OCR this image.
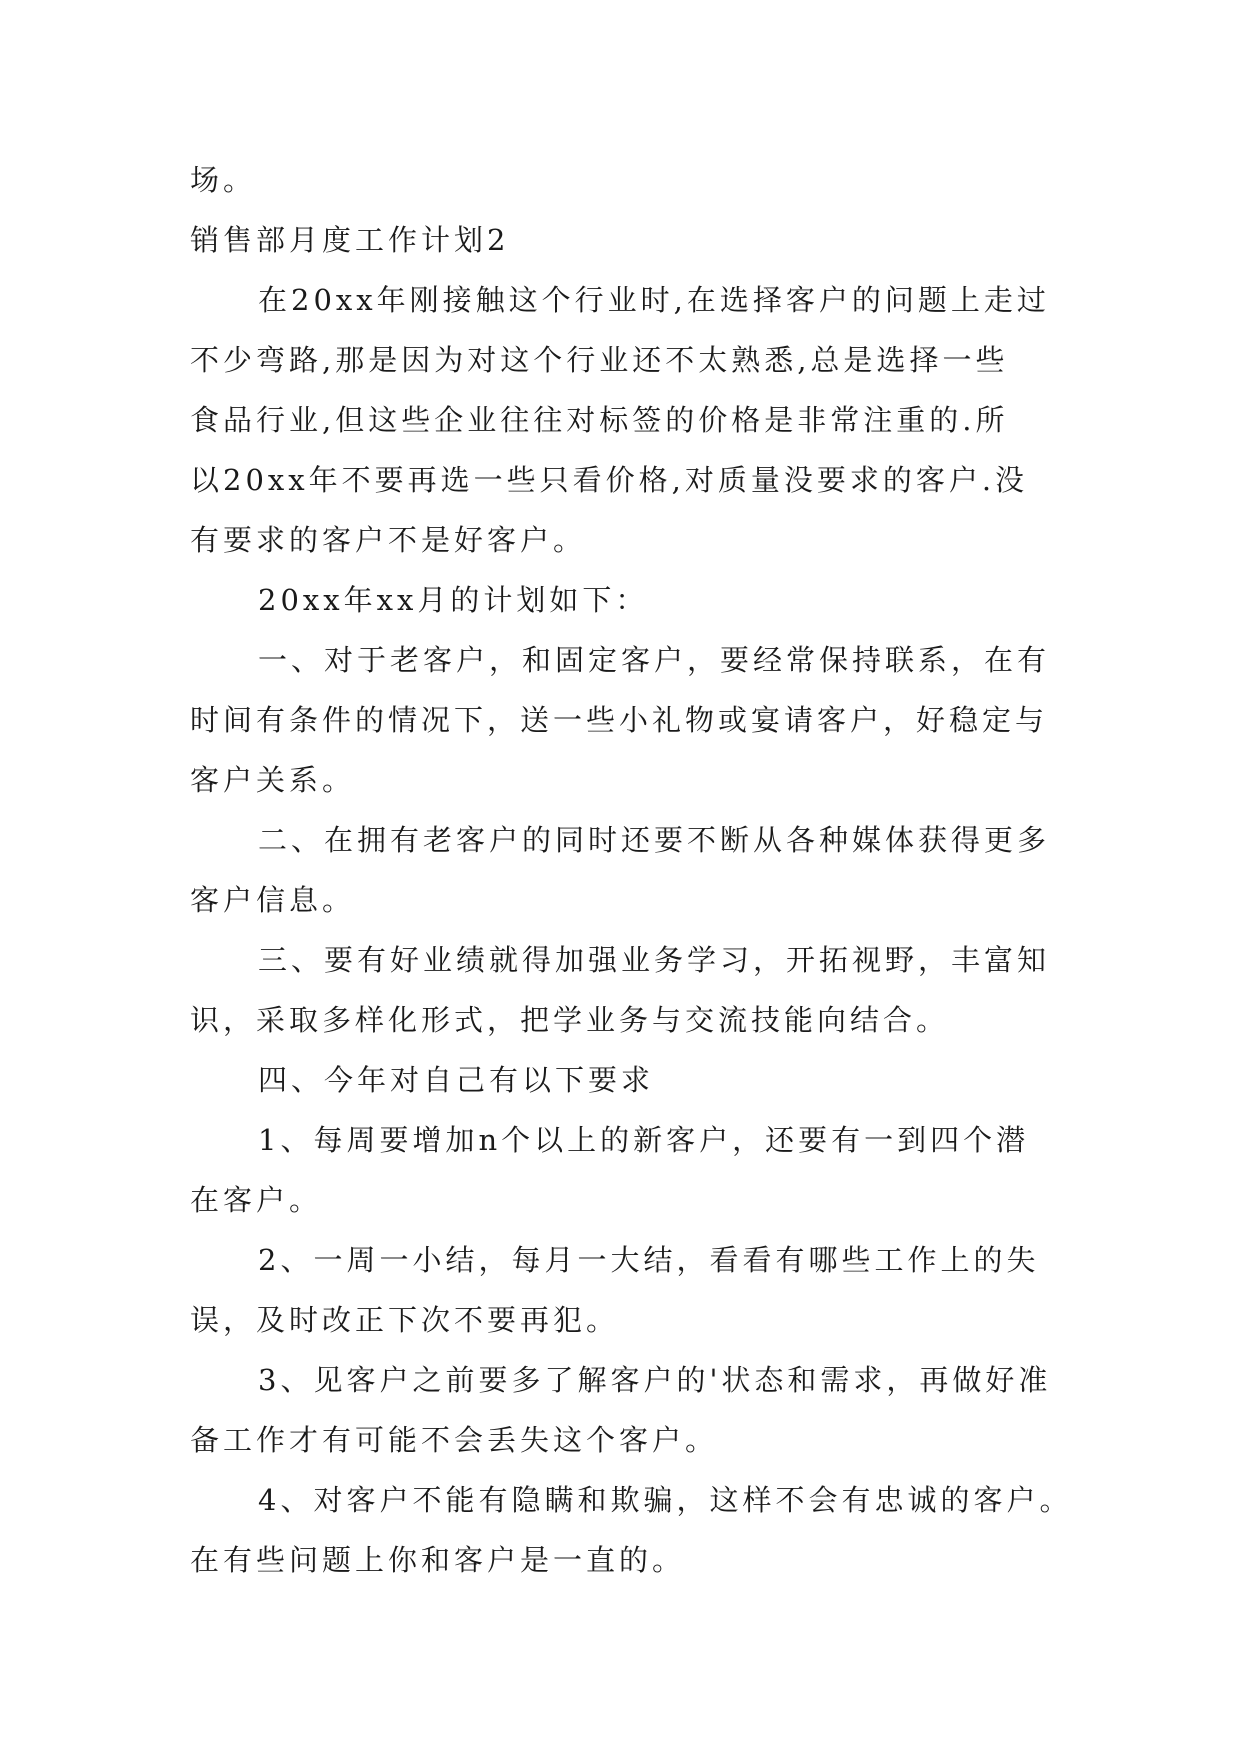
场。
销售部月度工作计划2
在20xx年刚接触这个行业时,在选择客户的问题上走过
不少弯路,那是因为对这个行业还不太熟悉,总是选择一些
食品行业,但这些企业往往对标签的价格是非常注重的.所
以20xx年不要再选一些只看价格,对质量没要求的客户.没
有要求的客户不是好客户。
20xx年xx月的计划如下：
一、对于老客户，和固定客户，要经常保持联系，在有
时间有条件的情况下，送一些小礼物或宴请客户，好稳定与
客户关系。
二、在拥有老客户的同时还要不断从各种媒体获得更多
客户信息。
三、要有好业绩就得加强业务学习，开拓视野，丰富知
识，采取多样化形式，把学业务与交流技能向结合。
四、今年对自己有以下要求
1、每周要增加n个以上的新客户，还要有一到四个潜
在客户。
2、一周一小结，每月一大结，看看有哪些工作上的失
误，及时改正下次不要再犯。
3、见客户之前要多了解客户的'状态和需求，再做好准
备工作才有可能不会丢失这个客户。
4、对客户不能有隐瞒和欺骗，这样不会有忠诚的客户。
在有些问题上你和客户是一直的。
